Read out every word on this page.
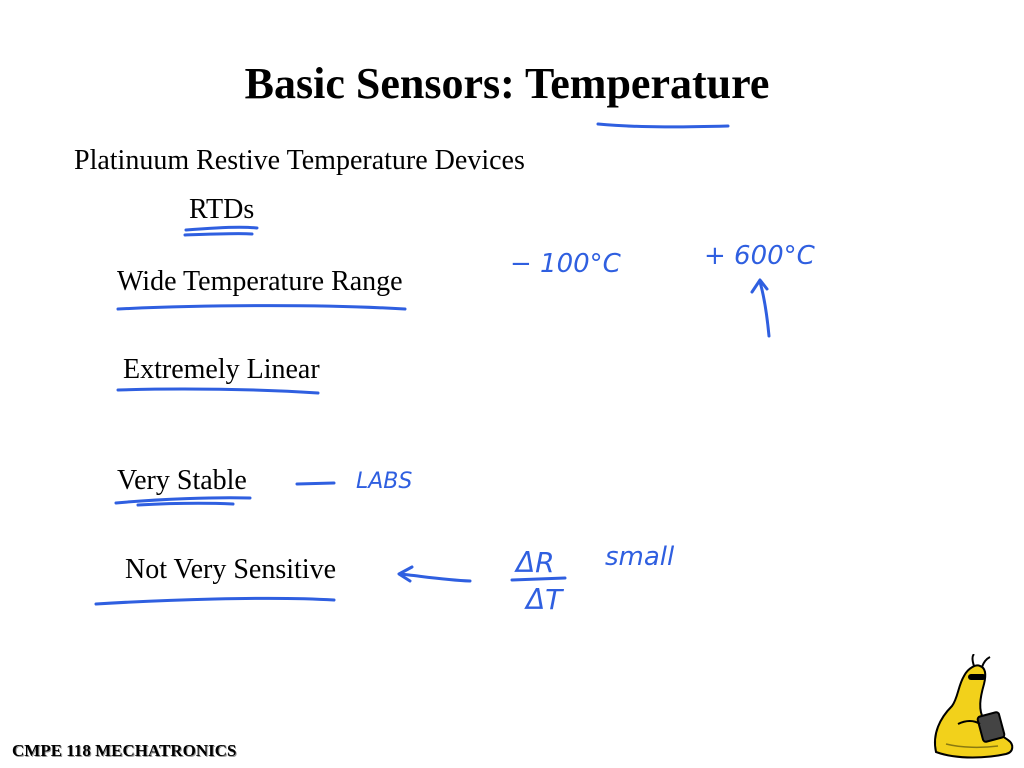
Basic Sensors: Temperature
Platinuum Restive Temperature Devices
RTDs
Wide Temperature Range
Extremely Linear
Very Stable
Not Very Sensitive
− 100°C	+ 600°C
LABS
ΔR
ΔT
small
CMPE 118 MECHATRONICS
